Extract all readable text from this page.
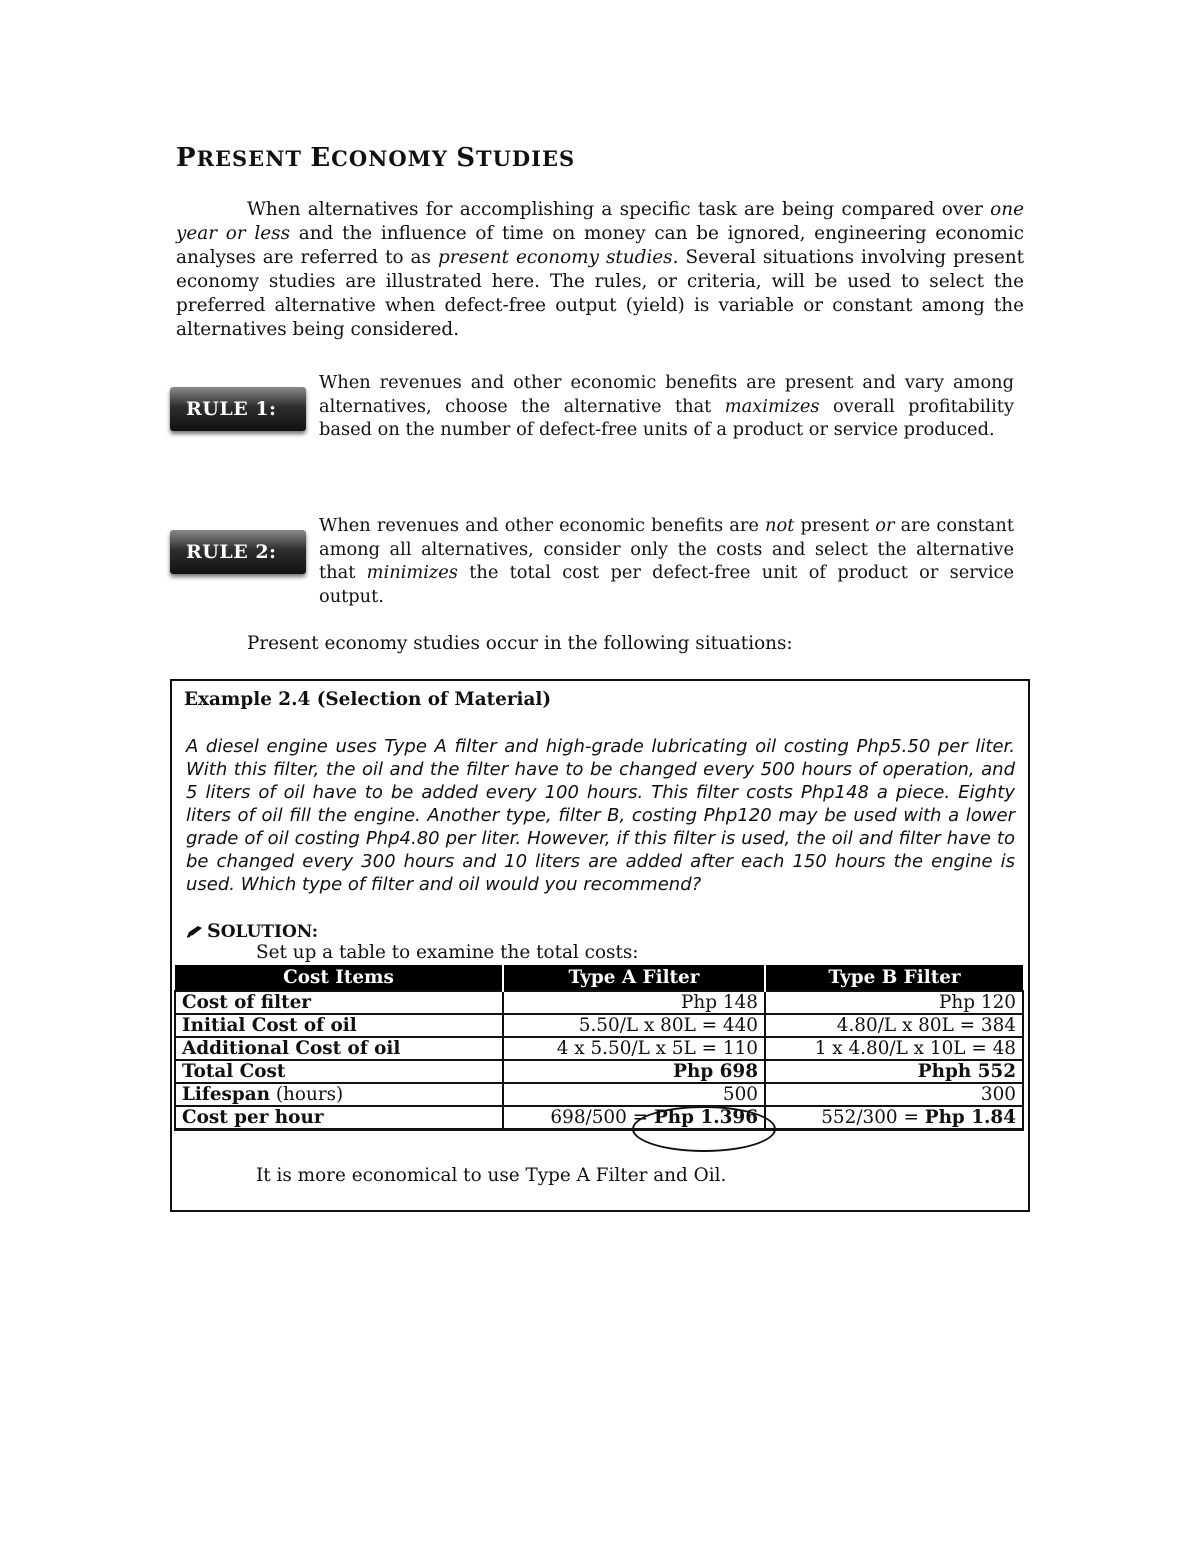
PRESENT ECONOMY STUDIES
When alternatives for accomplishing a specific task are being compared over one year or less and the influence of time on money can be ignored, engineering economic analyses are referred to as present economy studies. Several situations involving present economy studies are illustrated here. The rules, or criteria, will be used to select the preferred alternative when defect-free output (yield) is variable or constant among the alternatives being considered.
RULE 1:
When revenues and other economic benefits are present and vary among alternatives, choose the alternative that maximizes overall profitability based on the number of defect-free units of a product or service produced.
RULE 2:
When revenues and other economic benefits are not present or are constant among all alternatives, consider only the costs and select the alternative that minimizes the total cost per defect-free unit of product or service output.
Present economy studies occur in the following situations:
Example 2.4 (Selection of Material)
A diesel engine uses Type A filter and high-grade lubricating oil costing Php5.50 per liter. With this filter, the oil and the filter have to be changed every 500 hours of operation, and 5 liters of oil have to be added every 100 hours. This filter costs Php148 a piece. Eighty liters of oil fill the engine. Another type, filter B, costing Php120 may be used with a lower grade of oil costing Php4.80 per liter. However, if this filter is used, the oil and filter have to be changed every 300 hours and 10 liters are added after each 150 hours the engine is used. Which type of filter and oil would you recommend?
SOLUTION:
Set up a table to examine the total costs:
Cost Items	Type A Filter	Type B Filter
Cost of filter	Php 148	Php 120
Initial Cost of oil	5.50/L x 80L = 440	4.80/L x 80L = 384
Additional Cost of oil	4 x 5.50/L x 5L = 110	1 x 4.80/L x 10L = 48
Total Cost	Php 698	Phph 552
Lifespan (hours)	500	300
Cost per hour	698/500 = Php 1.396	552/300 = Php 1.84
It is more economical to use Type A Filter and Oil.
